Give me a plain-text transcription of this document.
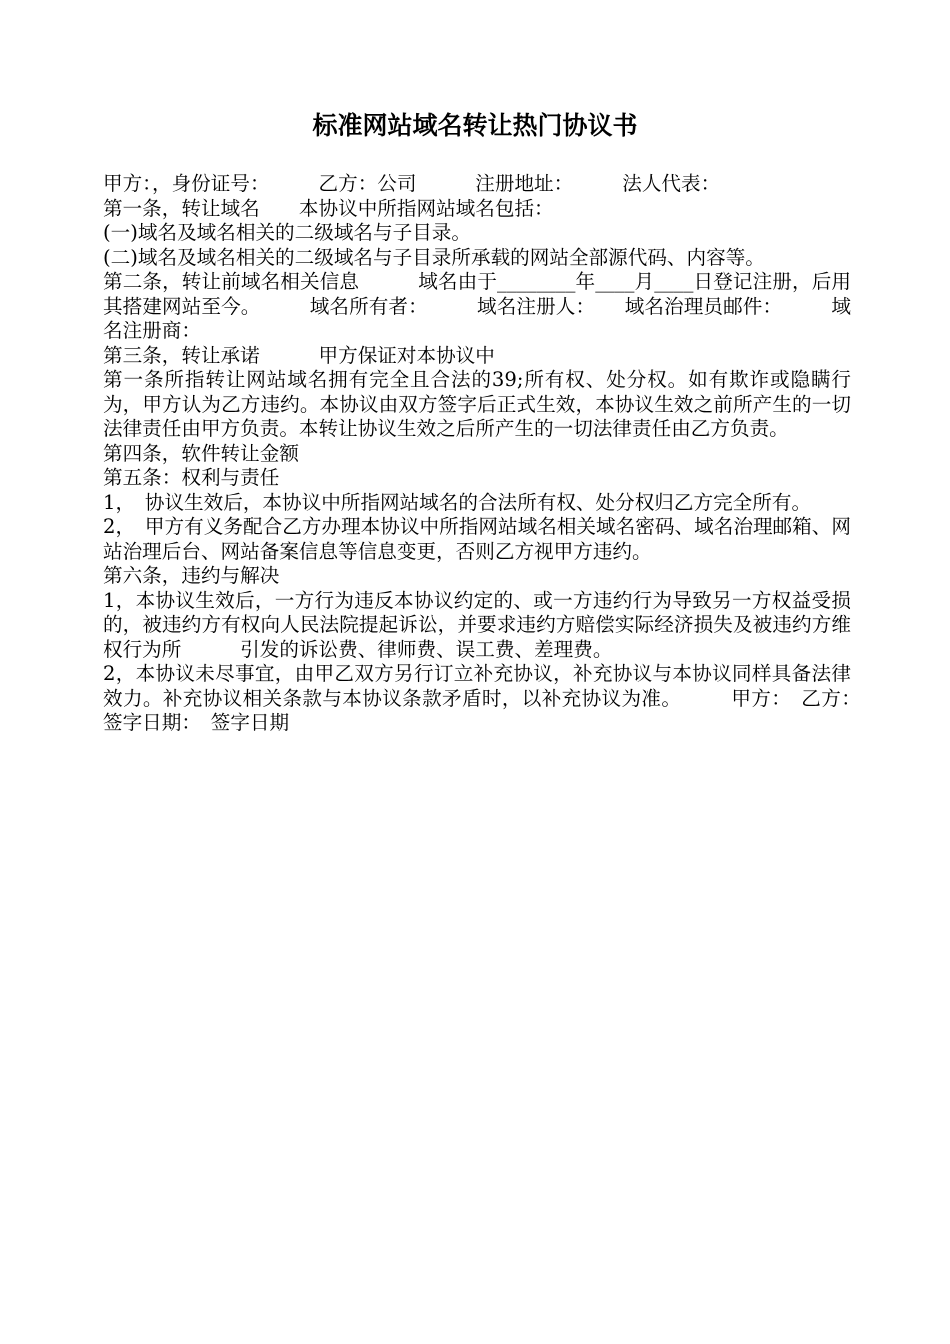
标准网站域名转让热门协议书

甲方：，身份证号：　　　乙方：公司　　　注册地址：　　　法人代表：

第一条，转让域名　　本协议中所指网站域名包括：

(一)域名及域名相关的二级域名与子目录。

(二)域名及域名相关的二级域名与子目录所承载的网站全部源代码、内容等。

第二条，转让前域名相关信息　　　域名由于________年____月____日登记注册，后用其搭建网站至今。　　　域名所有者：　　　域名注册人：　　域名治理员邮件：　　　域名注册商：

第三条，转让承诺　　　甲方保证对本协议中

第一条所指转让网站域名拥有完全且合法的39;所有权、处分权。如有欺诈或隐瞒行为，甲方认为乙方违约。本协议由双方签字后正式生效，本协议生效之前所产生的一切法律责任由甲方负责。本转让协议生效之后所产生的一切法律责任由乙方负责。

第四条，软件转让金额

第五条：权利与责任

1，　协议生效后，本协议中所指网站域名的合法所有权、处分权归乙方完全所有。

2，　甲方有义务配合乙方办理本协议中所指网站域名相关域名密码、域名治理邮箱、网站治理后台、网站备案信息等信息变更，否则乙方视甲方违约。

第六条，违约与解决

1，本协议生效后，一方行为违反本协议约定的、或一方违约行为导致另一方权益受损的，被违约方有权向人民法院提起诉讼，并要求违约方赔偿实际经济损失及被违约方维权行为所　　　引发的诉讼费、律师费、误工费、差理费。

2，本协议未尽事宜，由甲乙双方另行订立补充协议，补充协议与本协议同样具备法律效力。补充协议相关条款与本协议条款矛盾时，以补充协议为准。　　　甲方：　乙方：　　　　签字日期：　签字日期
